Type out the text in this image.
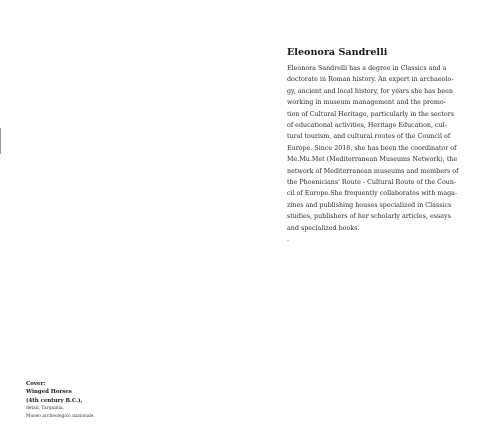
Eleonora Sandrelli
Eleonora Sandrelli has a degree in Classics and a
doctorate in Roman history. An expert in archaeolo-
gy, ancient and local history, for years she has been
working in museum management and the promo-
tion of Cultural Heritage, particularly in the sectors
of educational activities, Heritage Education, cul-
tural tourism, and cultural routes of the Council of
Europe. Since 2018, she has been the coordinator of
Me.Mu.Met (Mediterranean Museums Network), the
network of Mediterranean museums and members of
the Phoenicians' Route - Cultural Route of the Coun-
cil of Europe.She frequently collaborates with maga-
zines and publishing houses specialized in Classics
studies, publishers of her scholarly articles, essays
and specialized books.
.
Cover:
Winged Horses
(4th century B.C.),
detail, Tarquinia,
Museo archeologico nazionale.
